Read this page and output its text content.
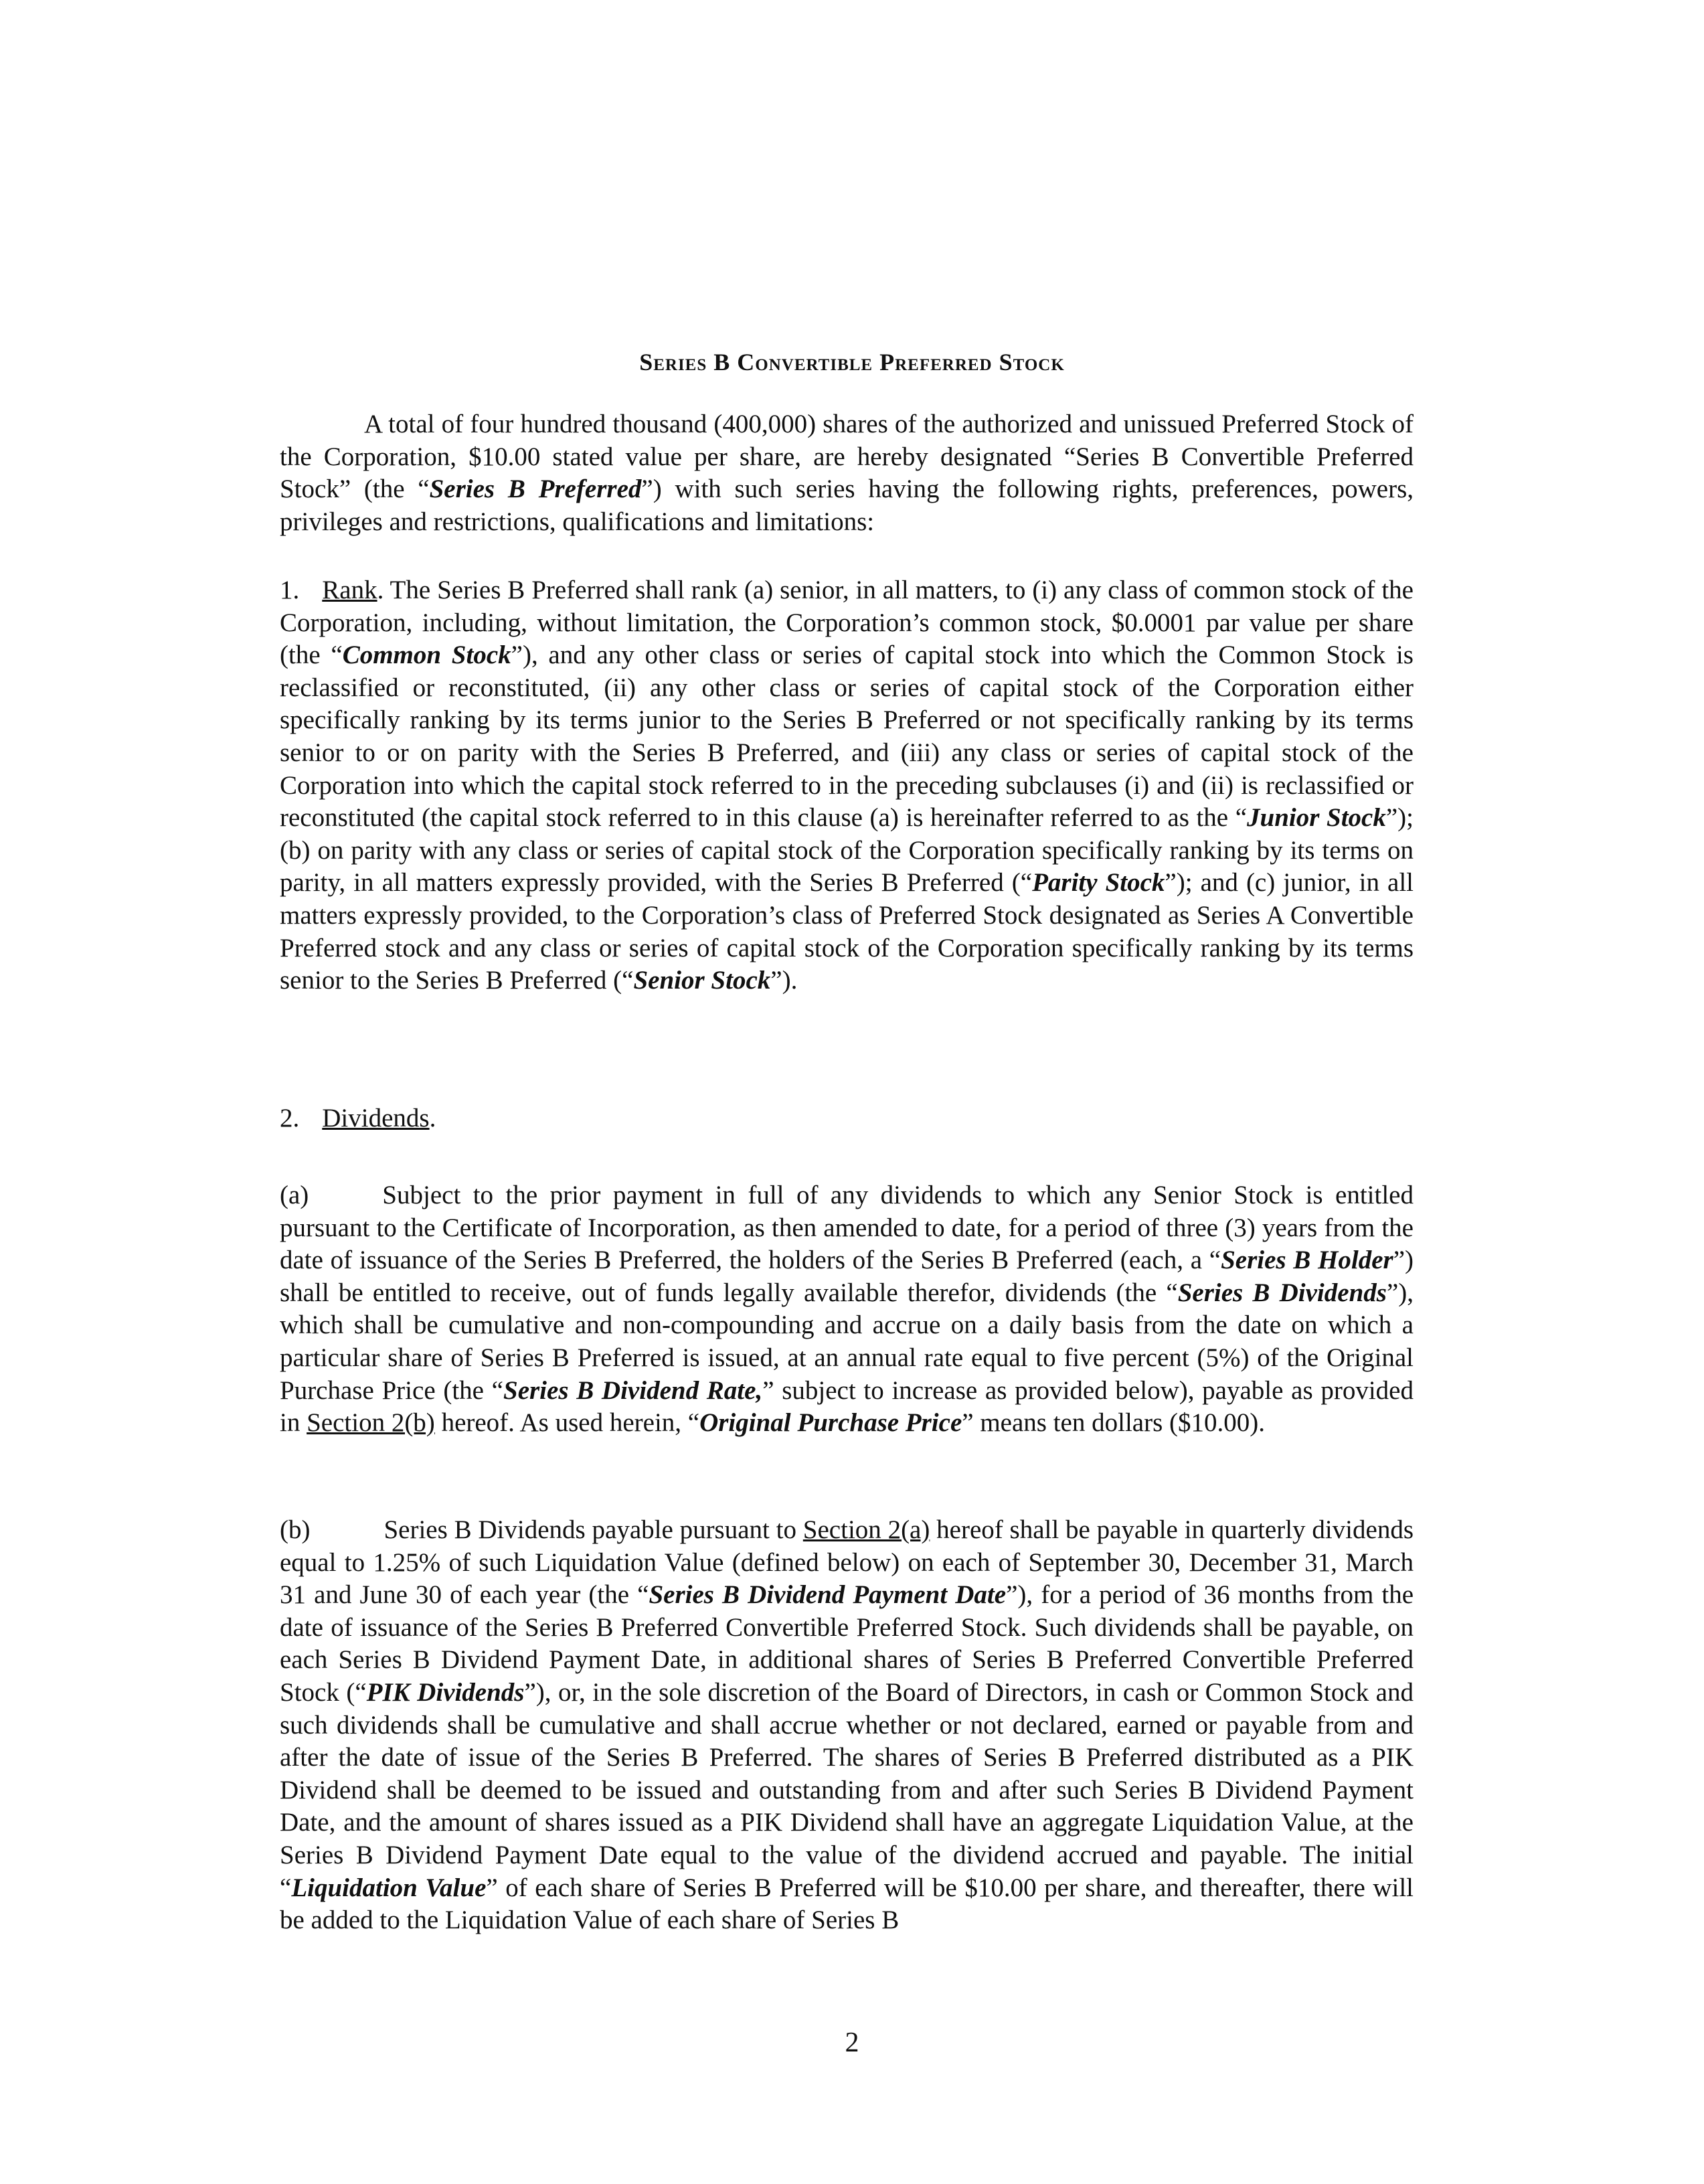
Series B Convertible Preferred Stock

A total of four hundred thousand (400,000) shares of the authorized and unissued Preferred Stock of the Corporation, $10.00 stated value per share, are hereby designated “Series B Convertible Preferred Stock” (the “Series B Preferred”) with such series having the following rights, preferences, powers, privileges and restrictions, qualifications and limitations:

1. Rank. The Series B Preferred shall rank (a) senior, in all matters, to (i) any class of common stock of the Corporation, including, without limitation, the Corporation’s common stock, $0.0001 par value per share (the “Common Stock”), and any other class or series of capital stock into which the Common Stock is reclassified or reconstituted, (ii) any other class or series of capital stock of the Corporation either specifically ranking by its terms junior to the Series B Preferred or not specifically ranking by its terms senior to or on parity with the Series B Preferred, and (iii) any class or series of capital stock of the Corporation into which the capital stock referred to in the preceding subclauses (i) and (ii) is reclassified or reconstituted (the capital stock referred to in this clause (a) is hereinafter referred to as the “Junior Stock”); (b) on parity with any class or series of capital stock of the Corporation specifically ranking by its terms on parity, in all matters expressly provided, with the Series B Preferred (“Parity Stock”); and (c) junior, in all matters expressly provided, to the Corporation’s class of Preferred Stock designated as Series A Convertible Preferred stock and any class or series of capital stock of the Corporation specifically ranking by its terms senior to the Series B Preferred (“Senior Stock”).

2. Dividends.

(a)	Subject to the prior payment in full of any dividends to which any Senior Stock is entitled pursuant to the Certificate of Incorporation, as then amended to date, for a period of three (3) years from the date of issuance of the Series B Preferred, the holders of the Series B Preferred (each, a “Series B Holder”) shall be entitled to receive, out of funds legally available therefor, dividends (the “Series B Dividends”), which shall be cumulative and non-compounding and accrue on a daily basis from the date on which a particular share of Series B Preferred is issued, at an annual rate equal to five percent (5%) of the Original Purchase Price (the “Series B Dividend Rate,” subject to increase as provided below), payable as provided in Section 2(b) hereof. As used herein, “Original Purchase Price” means ten dollars ($10.00).

(b)	Series B Dividends payable pursuant to Section 2(a) hereof shall be payable in quarterly dividends equal to 1.25% of such Liquidation Value (defined below) on each of September 30, December 31, March 31 and June 30 of each year (the “Series B Dividend Payment Date”), for a period of 36 months from the date of issuance of the Series B Preferred Convertible Preferred Stock. Such dividends shall be payable, on each Series B Dividend Payment Date, in additional shares of Series B Preferred Convertible Preferred Stock (“PIK Dividends”), or, in the sole discretion of the Board of Directors, in cash or Common Stock and such dividends shall be cumulative and shall accrue whether or not declared, earned or payable from and after the date of issue of the Series B Preferred. The shares of Series B Preferred distributed as a PIK Dividend shall be deemed to be issued and outstanding from and after such Series B Dividend Payment Date, and the amount of shares issued as a PIK Dividend shall have an aggregate Liquidation Value, at the Series B Dividend Payment Date equal to the value of the dividend accrued and payable. The initial “Liquidation Value” of each share of Series B Preferred will be $10.00 per share, and thereafter, there will be added to the Liquidation Value of each share of Series B

2
